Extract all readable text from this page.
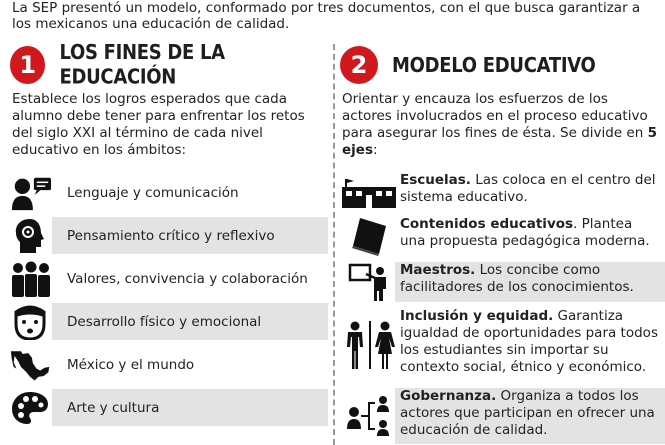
La SEP presentó un modelo, conformado por tres documentos, con el que busca garantizar a los mexicanos una educación de calidad.
1	LOS FINES DE LA EDUCACIÓN
Establece los logros esperados que cada alumno debe tener para enfrentar los retos del siglo XXI al término de cada nivel educativo en los ámbitos:
Lenguaje y comunicación
Pensamiento crítico y reflexivo
Valores, convivencia y colaboración
Desarrollo físico y emocional
México y el mundo
Arte y cultura
2	MODELO EDUCATIVO
Orientar y encauza los esfuerzos de los actores involucrados en el proceso educativo para asegurar los fines de ésta. Se divide en 5 ejes:
Escuelas. Las coloca en el centro del sistema educativo.
Contenidos educativos. Plantea una propuesta pedagógica moderna.
Maestros. Los concibe como facilitadores de los conocimientos.
Inclusión y equidad. Garantiza igualdad de oportunidades para todos los estudiantes sin importar su contexto social, étnico y económico.
Gobernanza. Organiza a todos los actores que participan en ofrecer una educación de calidad.
